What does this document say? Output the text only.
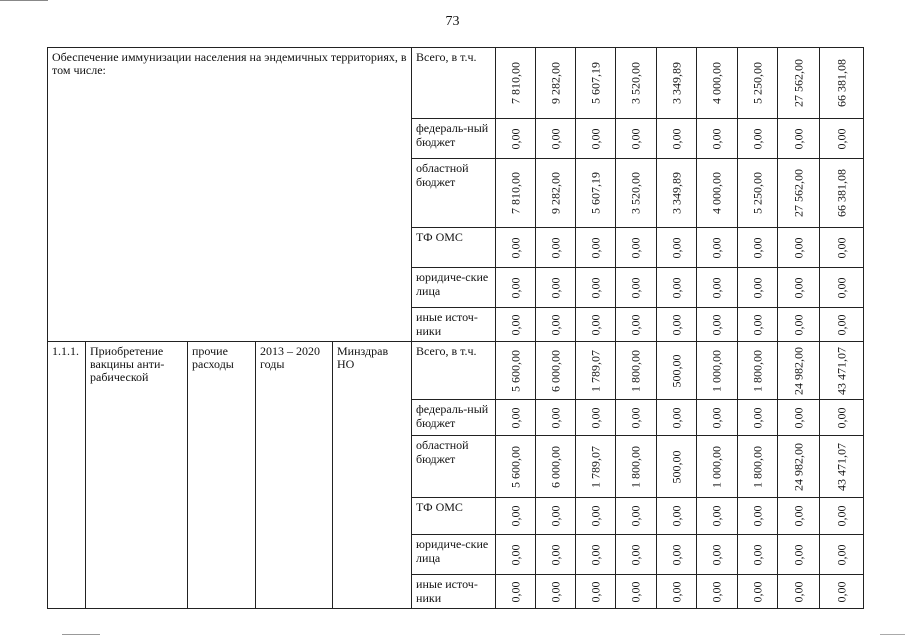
73
Обеспечение иммунизации населения на эндемичных территориях, в том числе:					Всего, в т.ч.	7 810,00	9 282,00	5 607,19	3 520,00	3 349,89	4 000,00	5 250,00	27 562,00	66 381,08

					федераль-ный бюджет	0,00	0,00	0,00	0,00	0,00	0,00	0,00	0,00	0,00

					областной бюджет	7 810,00	9 282,00	5 607,19	3 520,00	3 349,89	4 000,00	5 250,00	27 562,00	66 381,08

					ТФ ОМС	0,00	0,00	0,00	0,00	0,00	0,00	0,00	0,00	0,00

					юридиче-ские лица	0,00	0,00	0,00	0,00	0,00	0,00	0,00	0,00	0,00

					иные источ-ники	0,00	0,00	0,00	0,00	0,00	0,00	0,00	0,00	0,00

1.1.1.	Приобретение вакцины анти-рабической	прочие расходы	2013 – 2020 годы	Минздрав НО	Всего, в т.ч.	5 600,00	6 000,00	1 789,07	1 800,00	500,00	1 000,00	1 800,00	24 982,00	43 471,07

					федераль-ный бюджет	0,00	0,00	0,00	0,00	0,00	0,00	0,00	0,00	0,00

					областной бюджет	5 600,00	6 000,00	1 789,07	1 800,00	500,00	1 000,00	1 800,00	24 982,00	43 471,07

					ТФ ОМС	0,00	0,00	0,00	0,00	0,00	0,00	0,00	0,00	0,00

					юридиче-ские лица	0,00	0,00	0,00	0,00	0,00	0,00	0,00	0,00	0,00

					иные источ-ники	0,00	0,00	0,00	0,00	0,00	0,00	0,00	0,00	0,00
